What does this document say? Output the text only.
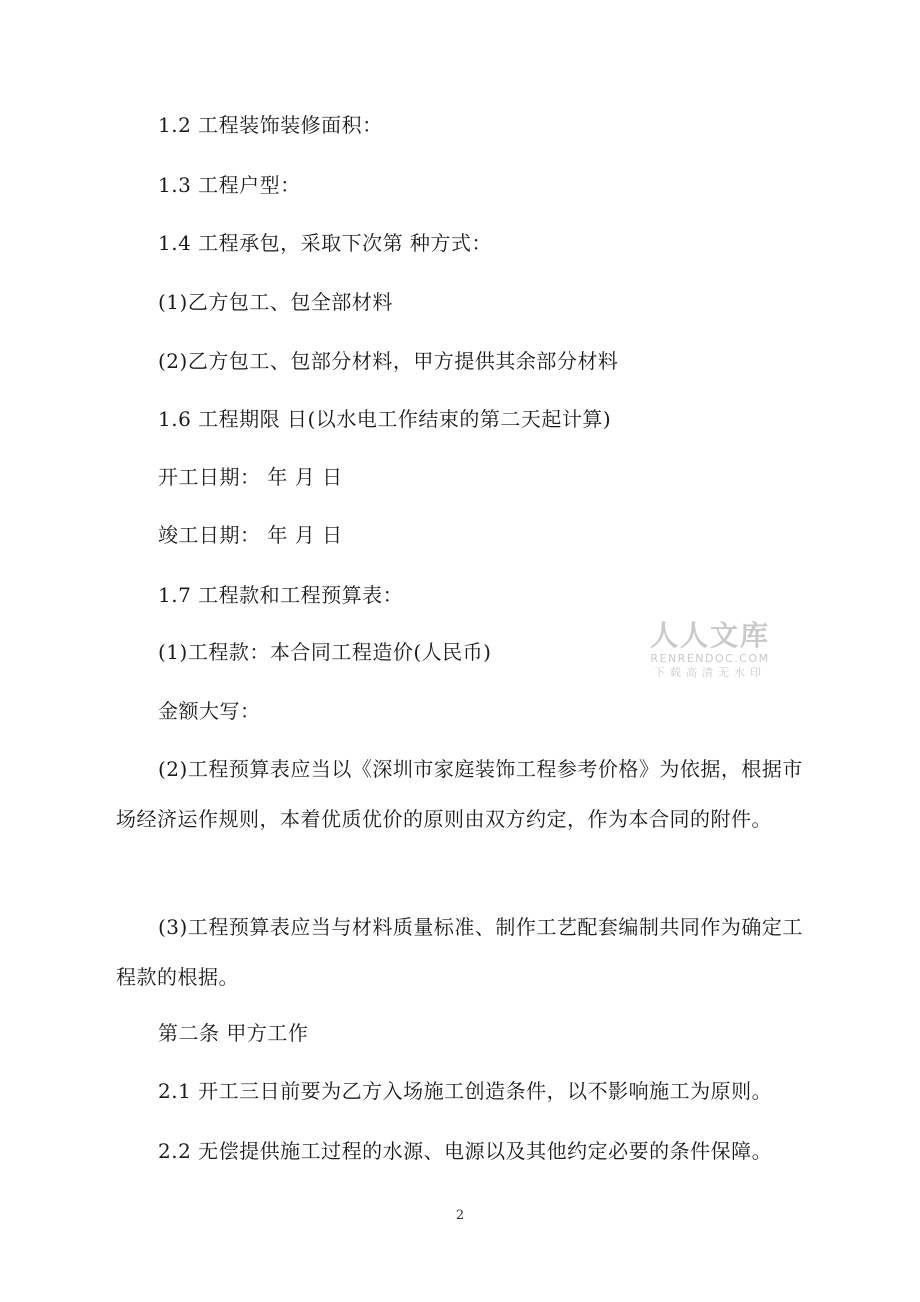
1.2 工程装饰装修面积：

1.3 工程户型：

1.4 工程承包，采取下次第 种方式：

(1)乙方包工、包全部材料

(2)乙方包工、包部分材料，甲方提供其余部分材料

1.6 工程期限 日(以水电工作结束的第二天起计算)

开工日期： 年 月 日

竣工日期： 年 月 日

1.7 工程款和工程预算表：

(1)工程款：本合同工程造价(人民币)

金额大写：

(2)工程预算表应当以《深圳市家庭装饰工程参考价格》为依据，根据市场经济运作规则，本着优质优价的原则由双方约定，作为本合同的附件。

(3)工程预算表应当与材料质量标准、制作工艺配套编制共同作为确定工程款的根据。

第二条 甲方工作

2.1 开工三日前要为乙方入场施工创造条件，以不影响施工为原则。

2.2 无偿提供施工过程的水源、电源以及其他约定必要的条件保障。

2
人人文库
RENRENDOC.COM
下载高清无水印
